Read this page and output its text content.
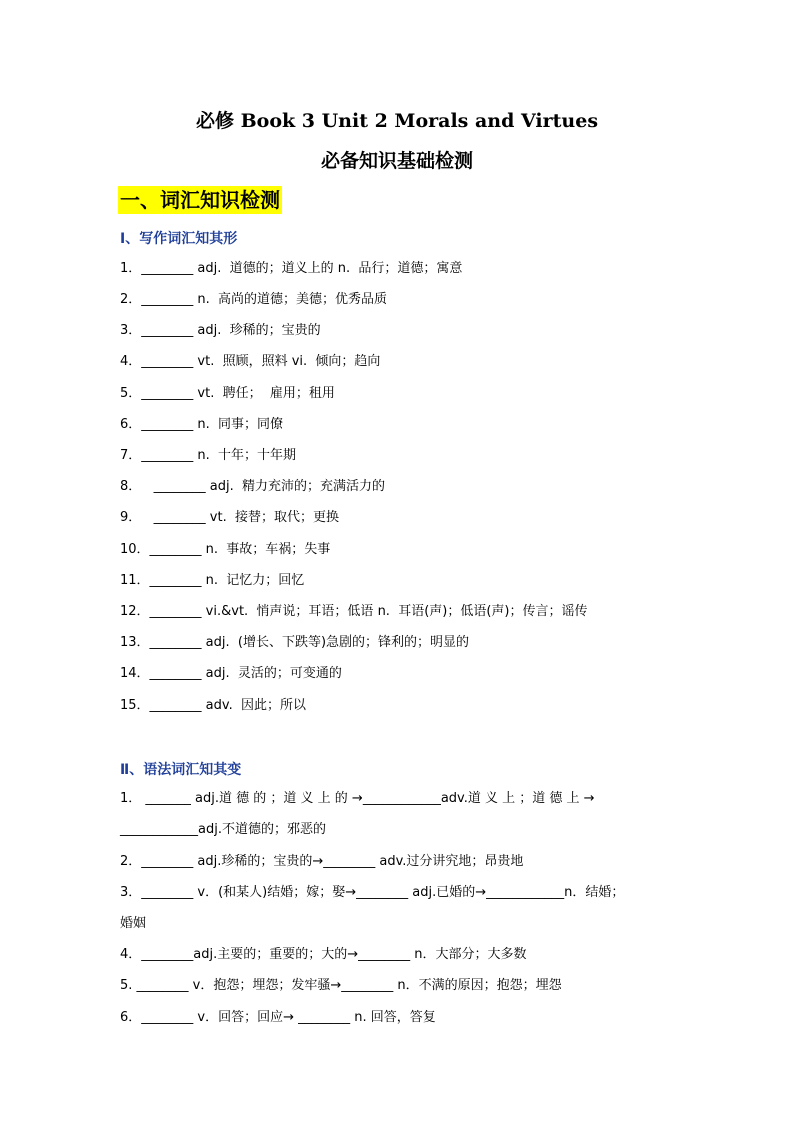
必修 Book 3 Unit 2 Morals and Virtues
必备知识基础检测
一、词汇知识检测
Ⅰ、写作词汇知其形
1．________ adj.  道德的；道义上的 n.  品行；道德；寓意
2．________ n.  高尚的道德；美德；优秀品质
3．________ adj.  珍稀的；宝贵的
4．________ vt.  照顾，照料 vi.  倾向；趋向
5．________ vt.  聘任；  雇用；租用
6．________ n.  同事；同僚
7．________ n.  十年；十年期
8．   ________ adj.  精力充沛的；充满活力的
9．   ________ vt.  接替；取代；更换
10．________ n.  事故；车祸；失事
11．________ n.  记忆力；回忆
12．________ vi.&vt.  悄声说；耳语；低语 n.  耳语(声)；低语(声)；传言；谣传
13．________ adj.  (增长、下跌等)急剧的；锋利的；明显的
14．________ adj.  灵活的；可变通的
15．________ adv.  因此；所以
Ⅱ、语法词汇知其变
1． _______ adj.道 德 的 ；道 义 上 的 →____________adv.道 义 上 ；道 德 上 →
____________adj.不道德的；邪恶的
2．________ adj.珍稀的；宝贵的→________ adv.过分讲究地；昂贵地
3．________ v．(和某人)结婚；嫁；娶→________ adj.已婚的→____________n．结婚；
婚姻
4．________adj.主要的；重要的；大的→________ n．大部分；大多数
5. ________ v．抱怨；埋怨；发牢骚→________ n．不满的原因；抱怨；埋怨
6．________ v．回答；回应→ ________ n. 回答，答复
